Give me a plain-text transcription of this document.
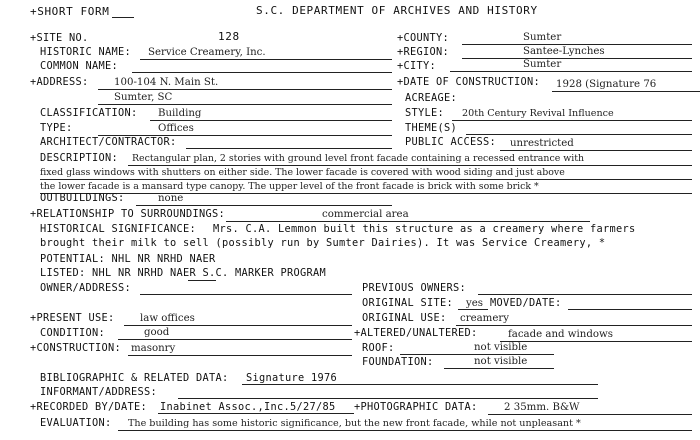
+SHORT FORM	S.C. DEPARTMENT OF ARCHIVES AND HISTORY
+SITE NO.	128	+COUNTY:	Sumter
HISTORIC NAME: Service Creamery, Inc.	+REGION:	Santee-Lynches
COMMON NAME:	+CITY:	Sumter
+ADDRESS:	100-104 N. Main St.	+DATE OF CONSTRUCTION: 1928 (Signature 76
Sumter, SC	ACREAGE:
CLASSIFICATION: Building	STYLE: 20th Century Revival Influence
TYPE:	Offices	THEME(S)
ARCHITECT/CONTRACTOR:	PUBLIC ACCESS: unrestricted
DESCRIPTION: Rectangular plan, 2 stories with ground level front facade containing a recessed entrance with
fixed glass windows with shutters on either side. The lower facade is covered with wood siding and just above
the lower facade is a mansard type canopy. The upper level of the front facade is brick with some brick *
OUTBUILDINGS:	none
+RELATIONSHIP TO SURROUNDINGS:	commercial area
HISTORICAL SIGNIFICANCE: Mrs. C.A. Lemmon built this structure as a creamery where farmers
brought their milk to sell (possibly run by Sumter Dairies). It was Service Creamery, *
POTENTIAL: NHL NR NRHD NAER
LISTED: NHL NR NRHD NAER S.C. MARKER PROGRAM
OWNER/ADDRESS:	PREVIOUS OWNERS:
ORIGINAL SITE: yes MOVED/DATE:
+PRESENT USE:	law offices	ORIGINAL USE: creamery
CONDITION:	good	+ALTERED/UNALTERED:	facade and windows
+CONSTRUCTION: masonry	ROOF:	not visible
FOUNDATION:	not visible
BIBLIOGRAPHIC & RELATED DATA: Signature 1976
INFORMANT/ADDRESS:
+RECORDED BY/DATE: Inabinet Assoc.,Inc.5/27/85 +PHOTOGRAPHIC DATA:	2 35mm. B&W
EVALUATION: The building has some historic significance, but the new front facade, while not unpleasant *
